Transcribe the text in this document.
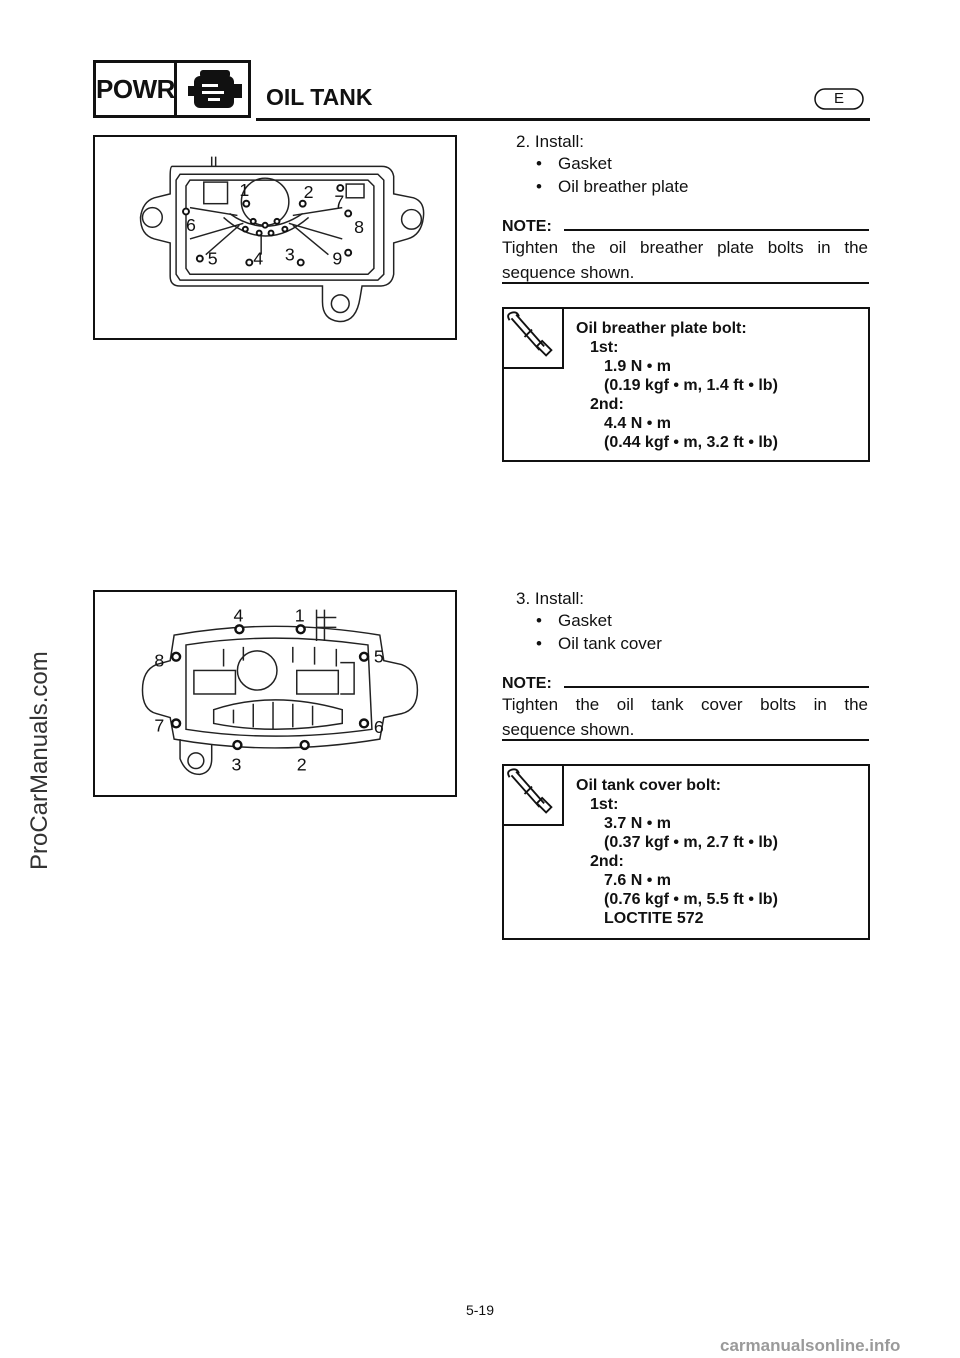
POWR	OIL TANK	E
1	2
3
4
5
6
7
8
9
2. Install:
• Gasket
• Oil breather plate
NOTE:
Tighten the oil breather plate bolts in the
sequence shown.
Oil breather plate bolt:
1st:
1.9 N • m
(0.19 kgf • m, 1.4 ft • lb)
2nd:
4.4 N • m
(0.44 kgf • m, 3.2 ft • lb)
1
2
3
4
5
6
7
8
3. Install:
• Gasket
• Oil tank cover
NOTE:
Tighten the oil tank cover bolts in the
sequence shown.
Oil tank cover bolt:
1st:
3.7 N • m
(0.37 kgf • m, 2.7 ft • lb)
2nd:
7.6 N • m
(0.76 kgf • m, 5.5 ft • lb)
LOCTITE 572
5-19
ProCarManuals.com
carmanualsonline.info
